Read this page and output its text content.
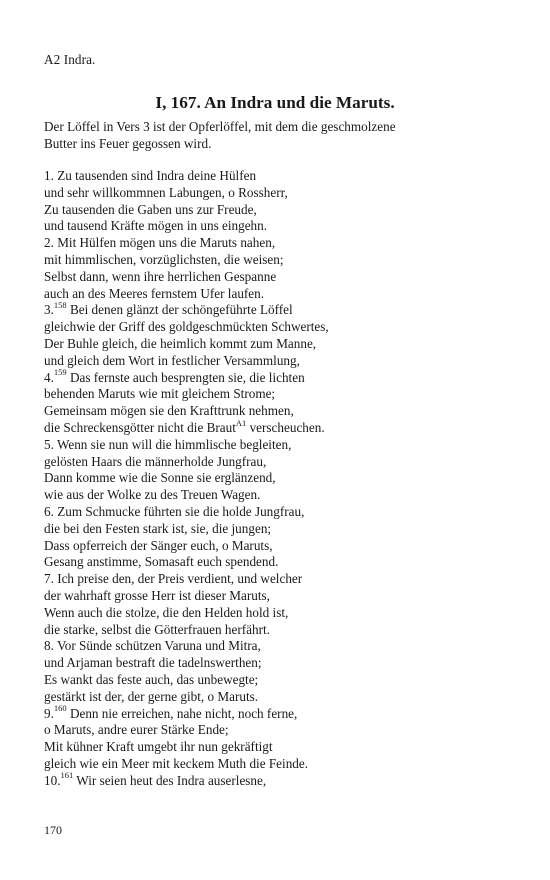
A2 Indra.
I, 167. An Indra und die Maruts.
Der Löffel in Vers 3 ist der Opferlöffel, mit dem die geschmolzene
Butter ins Feuer gegossen wird.
1. Zu tausenden sind Indra deine Hülfen
und sehr willkommnen Labungen, o Rossherr,
Zu tausenden die Gaben uns zur Freude,
und tausend Kräfte mögen in uns eingehn.
2. Mit Hülfen mögen uns die Maruts nahen,
mit himmlischen, vorzüglichsten, die weisen;
Selbst dann, wenn ihre herrlichen Gespanne
auch an des Meeres fernstem Ufer laufen.
3.$^{158}$ Bei denen glänzt der schöngeführte Löffel
gleichwie der Griff des goldgeschmückten Schwertes,
Der Buhle gleich, die heimlich kommt zum Manne,
und gleich dem Wort in festlicher Versammlung,
4.$^{159}$ Das fernste auch besprengten sie, die lichten
behenden Maruts wie mit gleichem Strome;
Gemeinsam mögen sie den Krafttrunk nehmen,
die Schreckensgötter nicht die Braut$^{A1}$ verscheuchen.
5. Wenn sie nun will die himmlische begleiten,
gelösten Haars die männerholde Jungfrau,
Dann komme wie die Sonne sie erglänzend,
wie aus der Wolke zu des Treuen Wagen.
6. Zum Schmucke führten sie die holde Jungfrau,
die bei den Festen stark ist, sie, die jungen;
Dass opferreich der Sänger euch, o Maruts,
Gesang anstimme, Somasaft euch spendend.
7. Ich preise den, der Preis verdient, und welcher
der wahrhaft grosse Herr ist dieser Maruts,
Wenn auch die stolze, die den Helden hold ist,
die starke, selbst die Götterfrauen herfährt.
8. Vor Sünde schützen Varuna und Mitra,
und Arjaman bestraft die tadelnswerthen;
Es wankt das feste auch, das unbewegte;
gestärkt ist der, der gerne gibt, o Maruts.
9.$^{160}$ Denn nie erreichen, nahe nicht, noch ferne,
o Maruts, andre eurer Stärke Ende;
Mit kühner Kraft umgebt ihr nun gekräftigt
gleich wie ein Meer mit keckem Muth die Feinde.
10.$^{161}$ Wir seien heut des Indra auserlesne,
170
